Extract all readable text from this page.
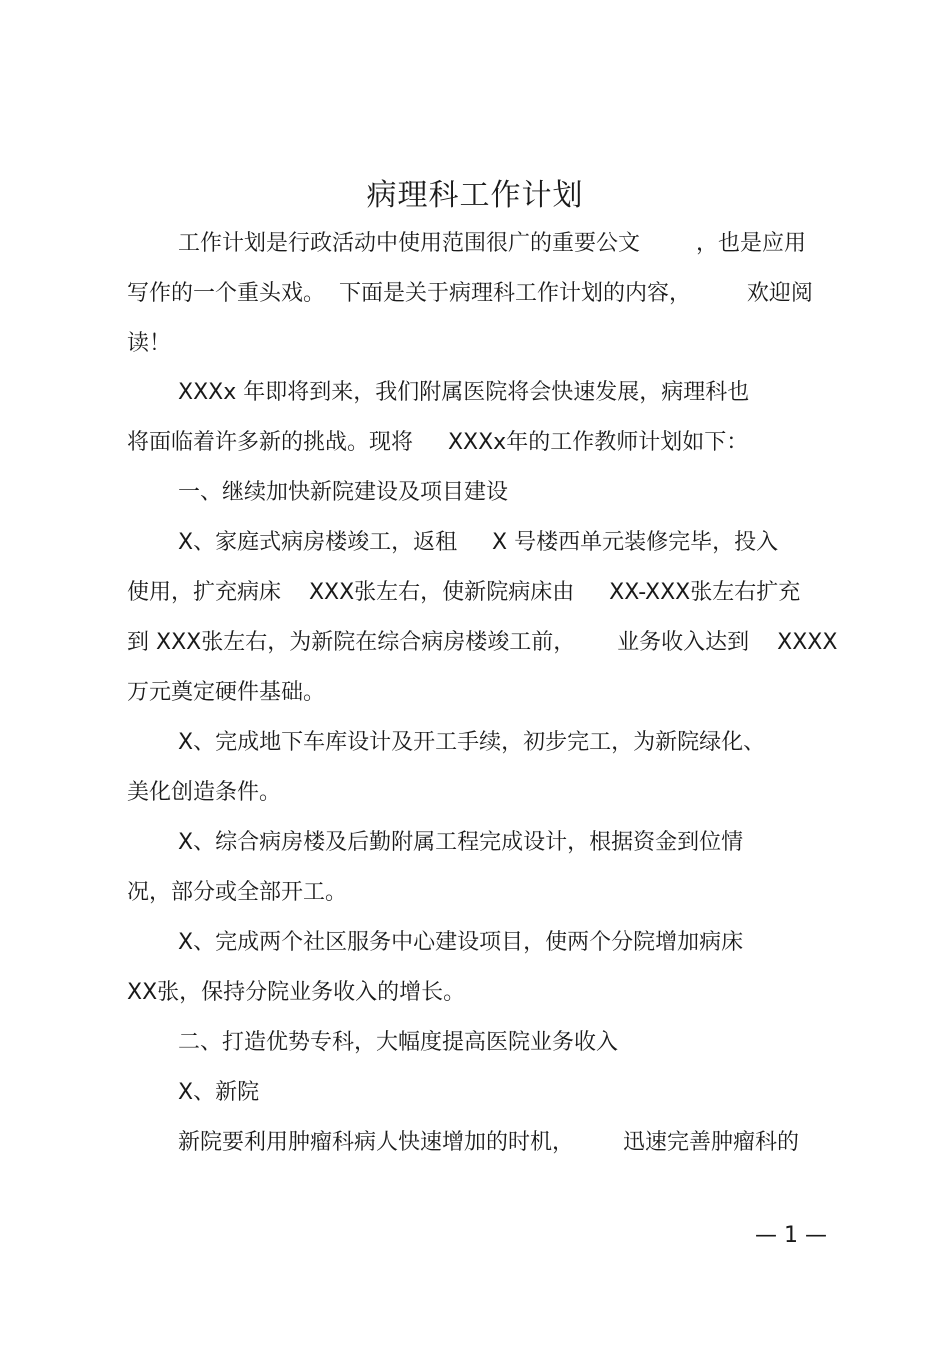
病理科工作计划
工作计划是行政活动中使用范围很广的重要公文        ，也是应用
写作的一个重头戏。  下面是关于病理科工作计划的内容，        欢迎阅
读！
XXXx 年即将到来，我们附属医院将会快速发展，病理科也
将面临着许多新的挑战。现将     XXXx年的工作教师计划如下：
一、继续加快新院建设及项目建设
X、家庭式病房楼竣工，返租     X 号楼西单元装修完毕，投入
使用，扩充病床    XXX张左右，使新院病床由     XX-XXX张左右扩充
到 XXX张左右，为新院在综合病房楼竣工前，      业务收入达到    XXXX
万元奠定硬件基础。
X、完成地下车库设计及开工手续，初步完工，为新院绿化、
美化创造条件。
X、综合病房楼及后勤附属工程完成设计，根据资金到位情
况，部分或全部开工。
X、完成两个社区服务中心建设项目，使两个分院增加病床
XX张，保持分院业务收入的增长。
二、打造优势专科，大幅度提高医院业务收入
X、新院
新院要利用肿瘤科病人快速增加的时机，       迅速完善肿瘤科的
— 1 —
